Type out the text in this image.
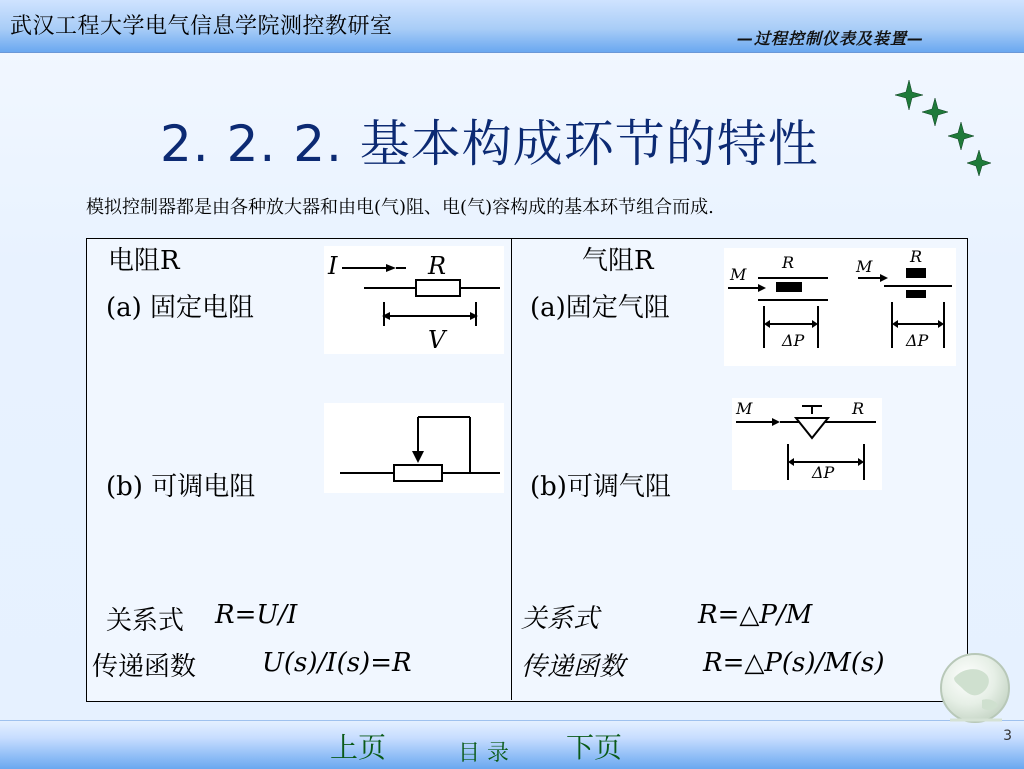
武汉工程大学电气信息学院测控教研室	—过程控制仪表及装置—
2. 2. 2. 基本构成环节的特性
模拟控制器都是由各种放大器和由电(气)阻、电(气)容构成的基本环节组合而成.
电阻R
(a) 固定电阻
(b) 可调电阻
关系式 R=U/I
传递函数	U(s)/I(s)=R
气阻R
(a)固定气阻
(b)可调气阻
关系式	R=△P/M
传递函数	R=△P(s)/M(s)
I	R
V
M
R
ΔP
M
R
ΔP
M	R
ΔP
上页	目 录 下页	3
